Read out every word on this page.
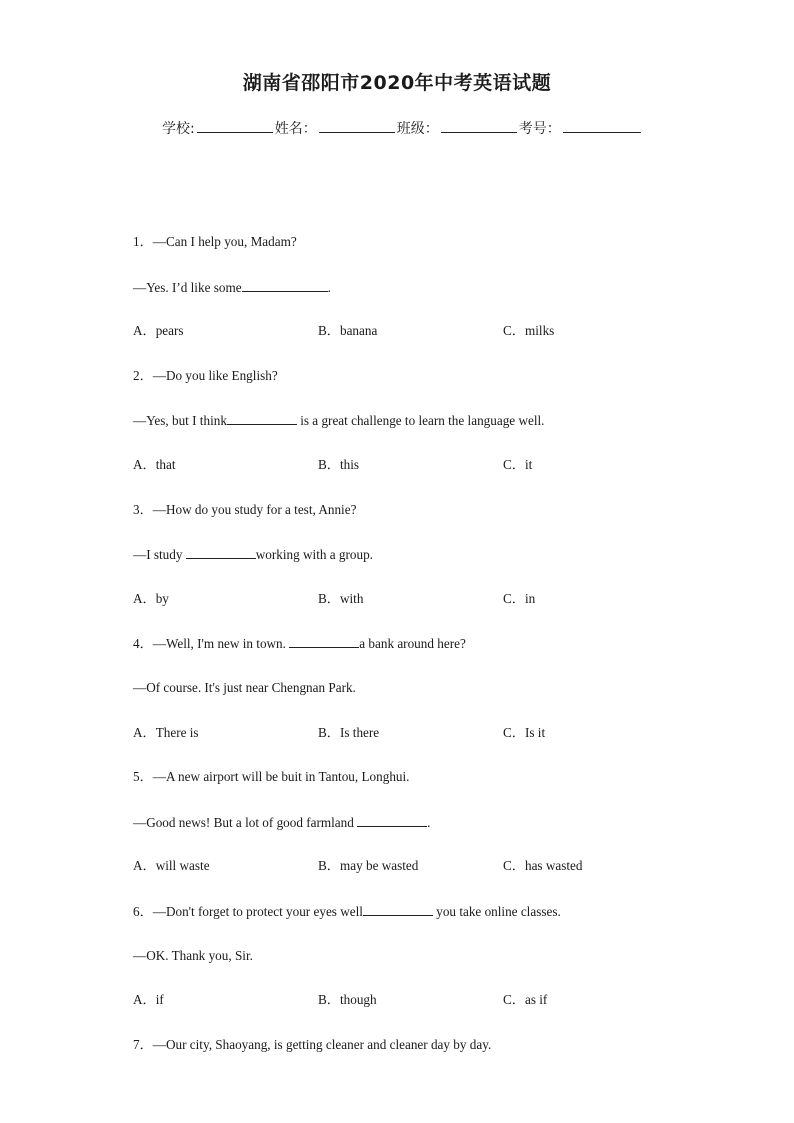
湖南省邵阳市2020年中考英语试题
学校:	姓名：	班级：	考号：
1．—Can I help you, Madam?
—Yes. I’d like some	.
A．pears	B．banana	C．milks
2．—Do you like English?
—Yes, but I think	is a great challenge to learn the language well.
A．that	B．this	C．it
3．—How do you study for a test, Annie?
—I study	working with a group.
A．by	B．with	C．in
4．—Well, I'm new in town.	a bank around here?
—Of course. It's just near Chengnan Park.
A．There is	B．Is there	C．Is it
5．—A new airport will be buit in Tantou, Longhui.
—Good news! But a lot of good farmland	.
A．will waste	B．may be wasted	C．has wasted
6．—Don't forget to protect your eyes well	you take online classes.
—OK. Thank you, Sir.
A．if	B．though	C．as if
7．—Our city, Shaoyang, is getting cleaner and cleaner day by day.
